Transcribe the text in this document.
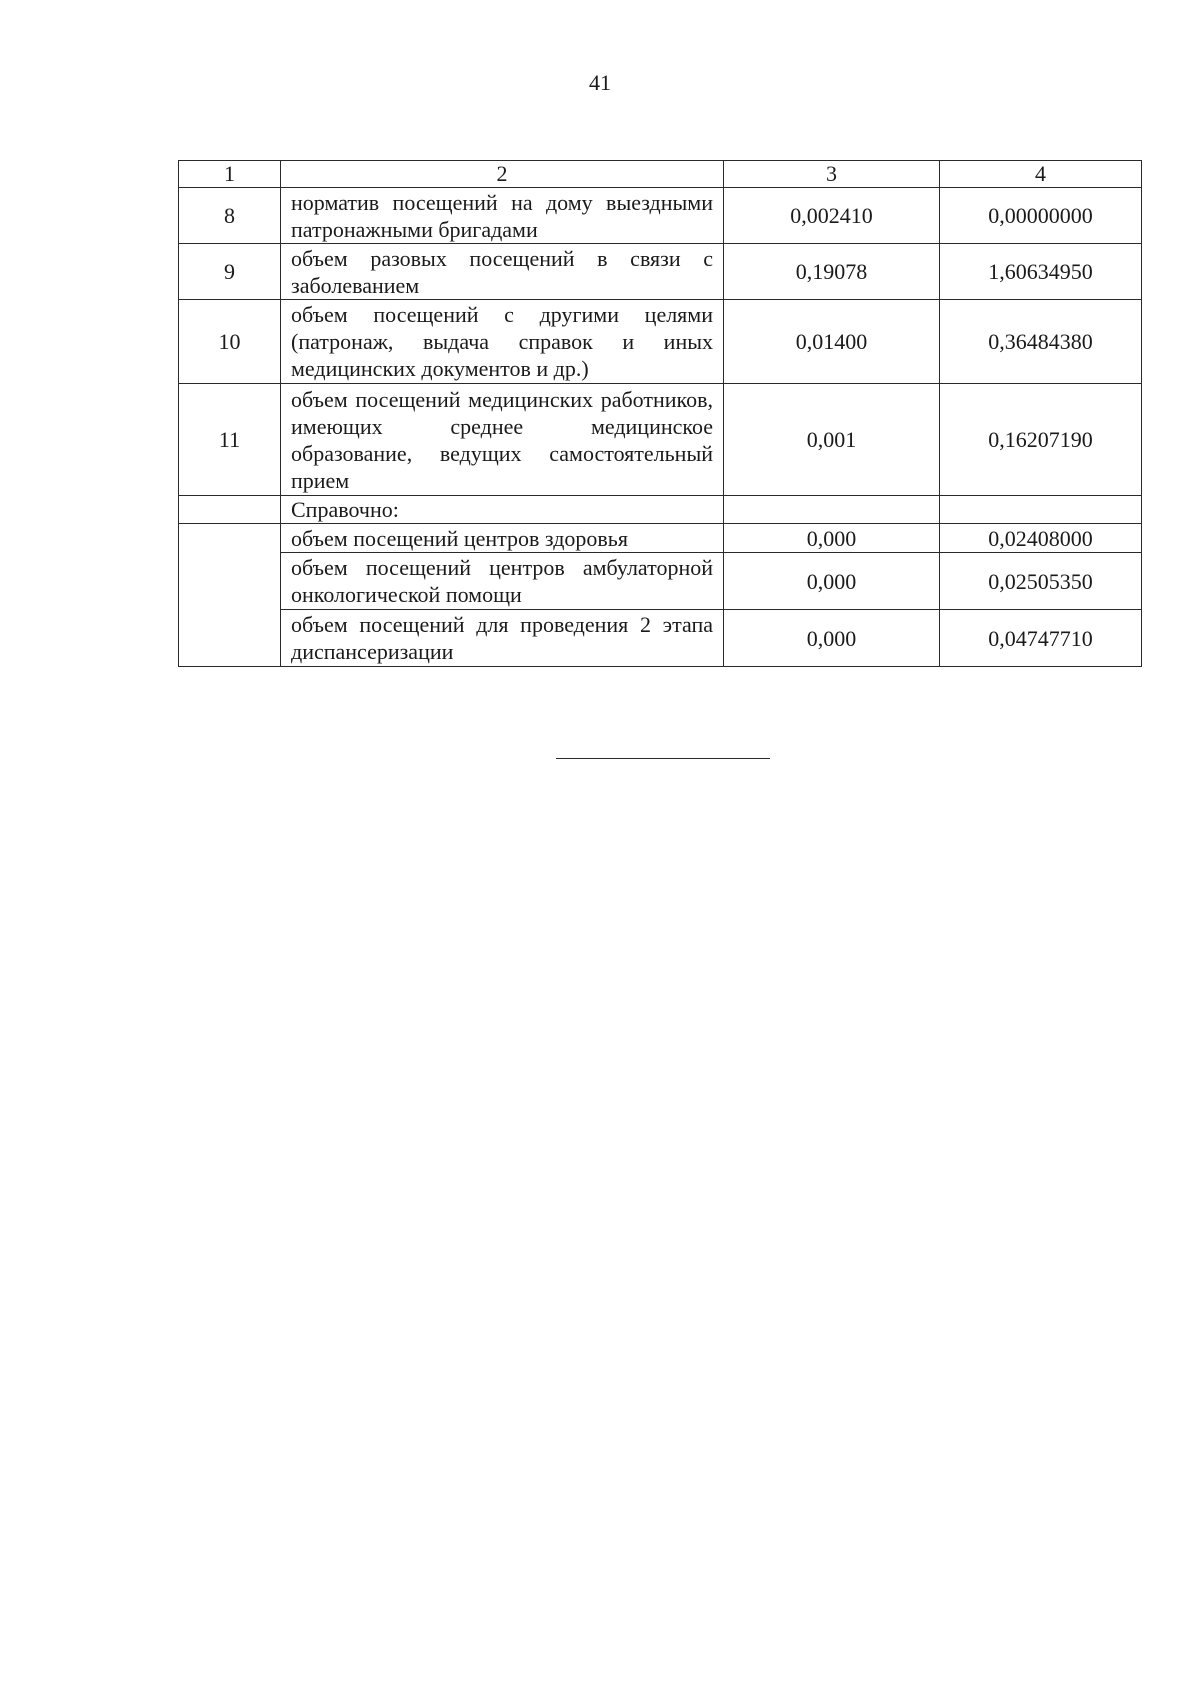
41
1	2	3	4
8	норматив посещений на дому выездными патронажными бригадами	0,002410	0,00000000
9	объем разовых посещений в связи с заболеванием	0,19078	1,60634950
10	объем посещений с другими целями (патронаж, выдача справок и иных медицинских документов и др.)	0,01400	0,36484380
11	объем посещений медицинских работников, имеющих среднее медицинское образование, ведущих самостоятельный прием	0,001	0,16207190
	Справочно:		
	объем посещений центров здоровья	0,000	0,02408000
	объем посещений центров амбулаторной онкологической помощи	0,000	0,02505350
	объем посещений для проведения 2 этапа диспансеризации	0,000	0,04747710
